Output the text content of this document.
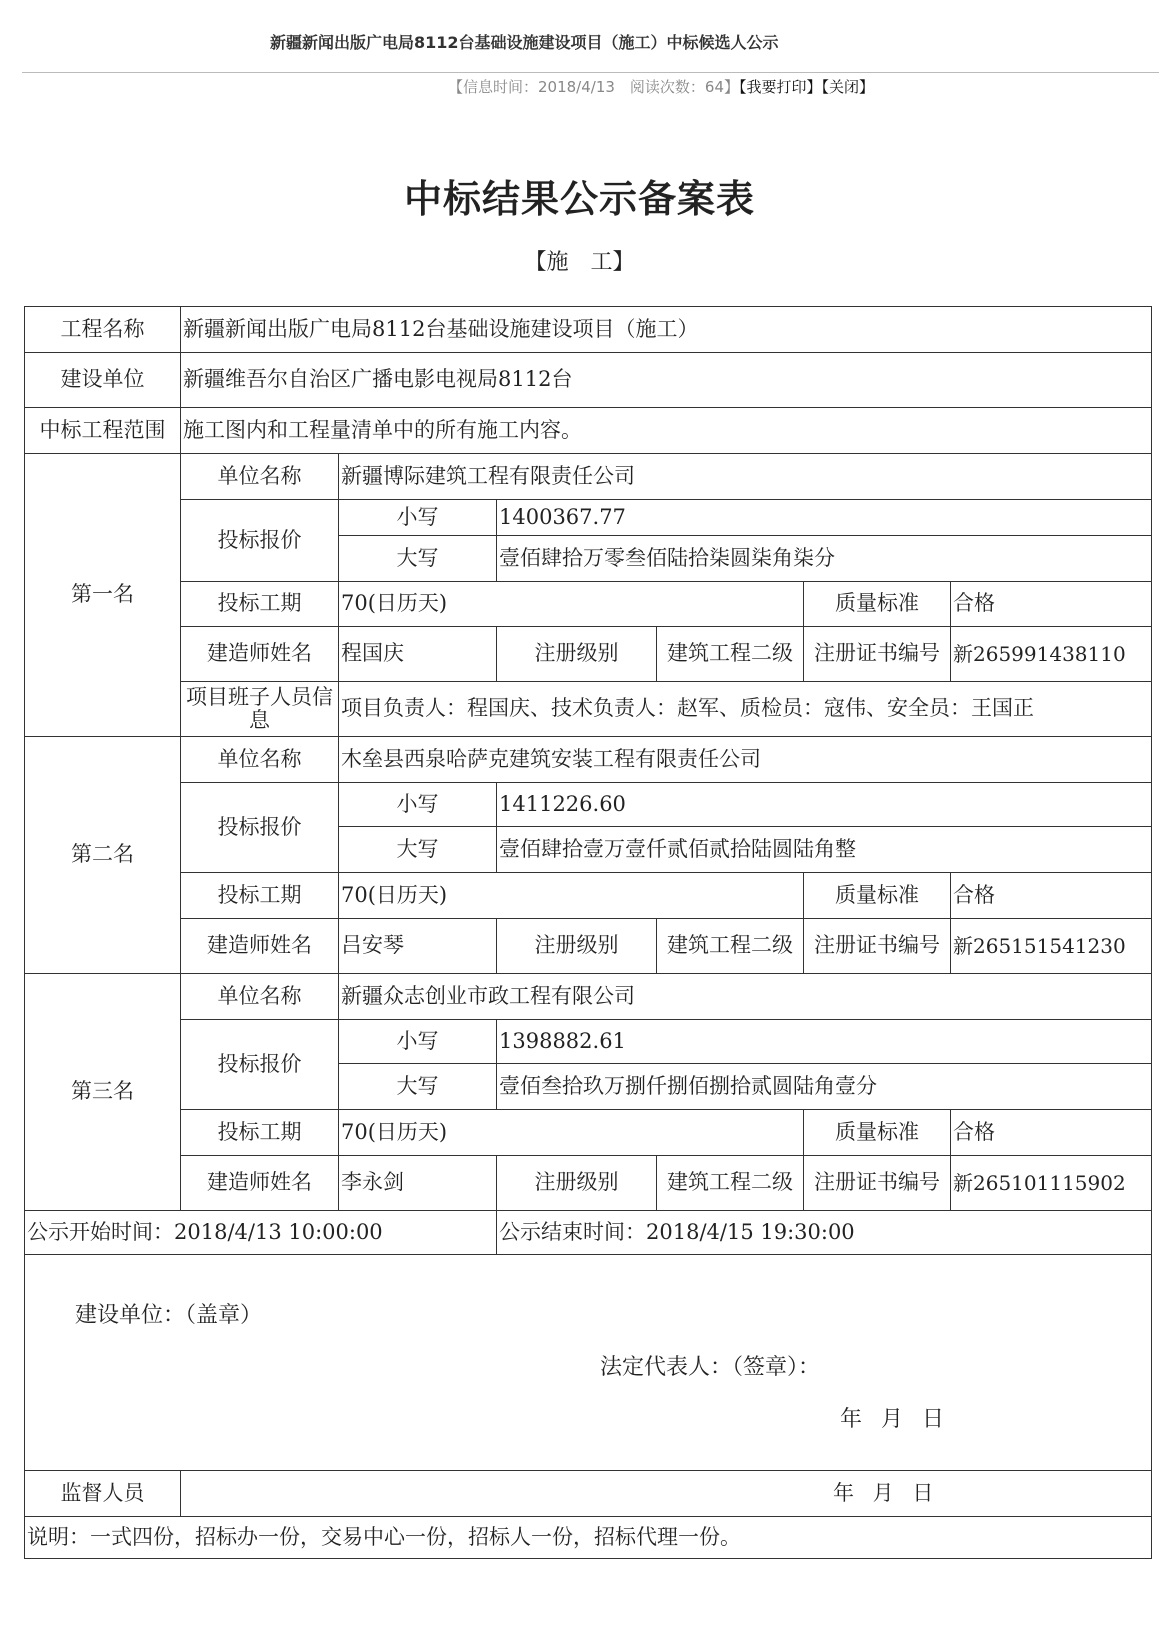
新疆新闻出版广电局8112台基础设施建设项目（施工）中标候选人公示
【信息时间：2018/4/13　阅读次数：64】【我要打印】【关闭】
中标结果公示备案表
【施　工】
工程名称	新疆新闻出版广电局8112台基础设施建设项目（施工）					
建设单位	新疆维吾尔自治区广播电影电视局8112台					
中标工程范围	施工图内和工程量清单中的所有施工内容。					
第一名	单位名称	新疆博际建筑工程有限责任公司				
	投标报价	小写	1400367.77			
		大写	壹佰肆拾万零叁佰陆拾柒圆柒角柒分			
	投标工期	70(日历天)			质量标准	合格
	建造师姓名	程国庆	注册级别	建筑工程二级	注册证书编号	新265991438110
	项目班子人员信息	项目负责人：程国庆、技术负责人：赵军、质检员：寇伟、安全员：王国正				

第二名	单位名称	木垒县西泉哈萨克建筑安装工程有限责任公司				
	投标报价	小写	1411226.60			
		大写	壹佰肆拾壹万壹仟贰佰贰拾陆圆陆角整			
	投标工期	70(日历天)			质量标准	合格
	建造师姓名	吕安琴	注册级别	建筑工程二级	注册证书编号	新265151541230

第三名	单位名称	新疆众志创业市政工程有限公司				
	投标报价	小写	1398882.61			
		大写	壹佰叁拾玖万捌仟捌佰捌拾贰圆陆角壹分			
	投标工期	70(日历天)			质量标准	合格
	建造师姓名	李永剑	注册级别	建筑工程二级	注册证书编号	新265101115902

公示开始时间：2018/4/13 10:00:00			公示结束时间：2018/4/15 19:30:00			

建设单位：（盖章）
法定代表人：（签章）：
年 月 日						

监督人员	年 月 日					
说明：一式四份，招标办一份，交易中心一份，招标人一份，招标代理一份。						
